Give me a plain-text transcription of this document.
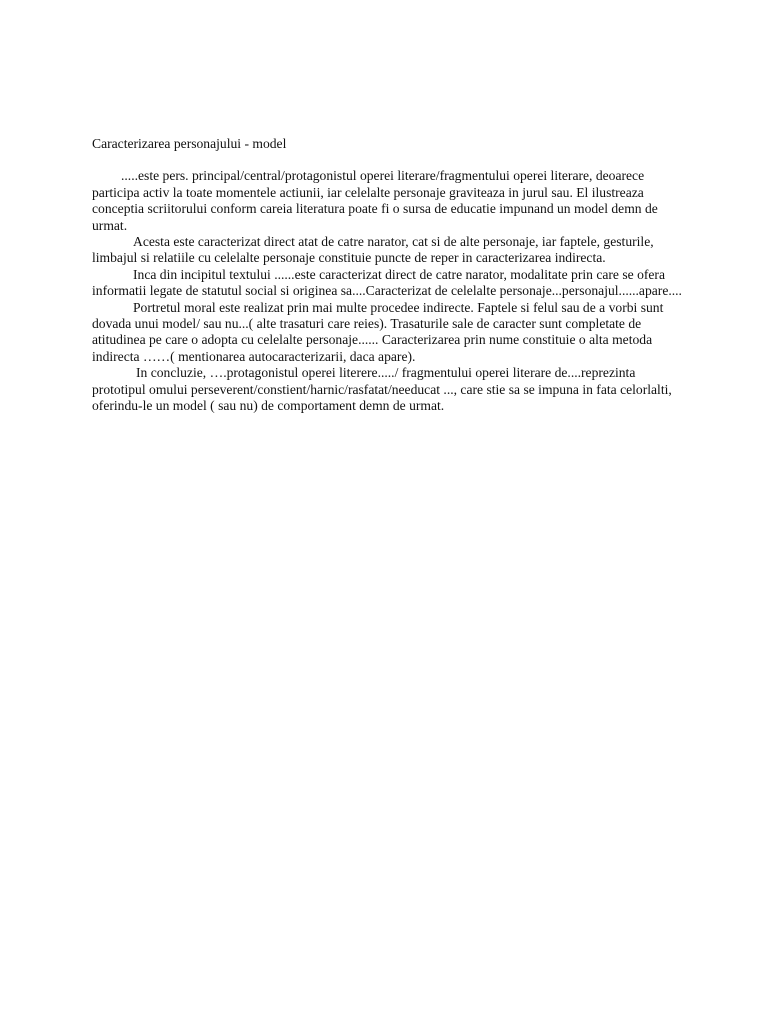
Caracterizarea personajului - model

.....este pers. principal/central/protagonistul operei literare/fragmentului operei literare, deoarece participa activ la toate momentele actiunii, iar celelalte personaje graviteaza in jurul sau. El ilustreaza conceptia scriitorului conform careia literatura poate fi o sursa de educatie impunand un model demn de urmat.

Acesta este caracterizat direct atat de catre narator, cat si de alte personaje, iar faptele, gesturile, limbajul si relatiile cu celelalte personaje constituie puncte de reper in caracterizarea indirecta.

Inca din incipitul textului ......este caracterizat direct de catre narator, modalitate prin care se ofera informatii legate de statutul social si originea sa....Caracterizat de celelalte personaje...personajul......apare....

Portretul moral este realizat prin mai multe procedee indirecte. Faptele si felul sau de a vorbi sunt dovada unui model/ sau nu...( alte trasaturi care reies). Trasaturile sale de caracter sunt completate de atitudinea pe care o adopta cu celelalte personaje...... Caracterizarea prin nume constituie o alta metoda indirecta ……( mentionarea autocaracterizarii, daca apare).

In concluzie, ….protagonistul operei literere...../ fragmentului operei literare de....reprezinta prototipul omului perseverent/constient/harnic/rasfatat/needucat ..., care stie sa se impuna in fata celorlalti, oferindu-le un model ( sau nu) de comportament demn de urmat.
